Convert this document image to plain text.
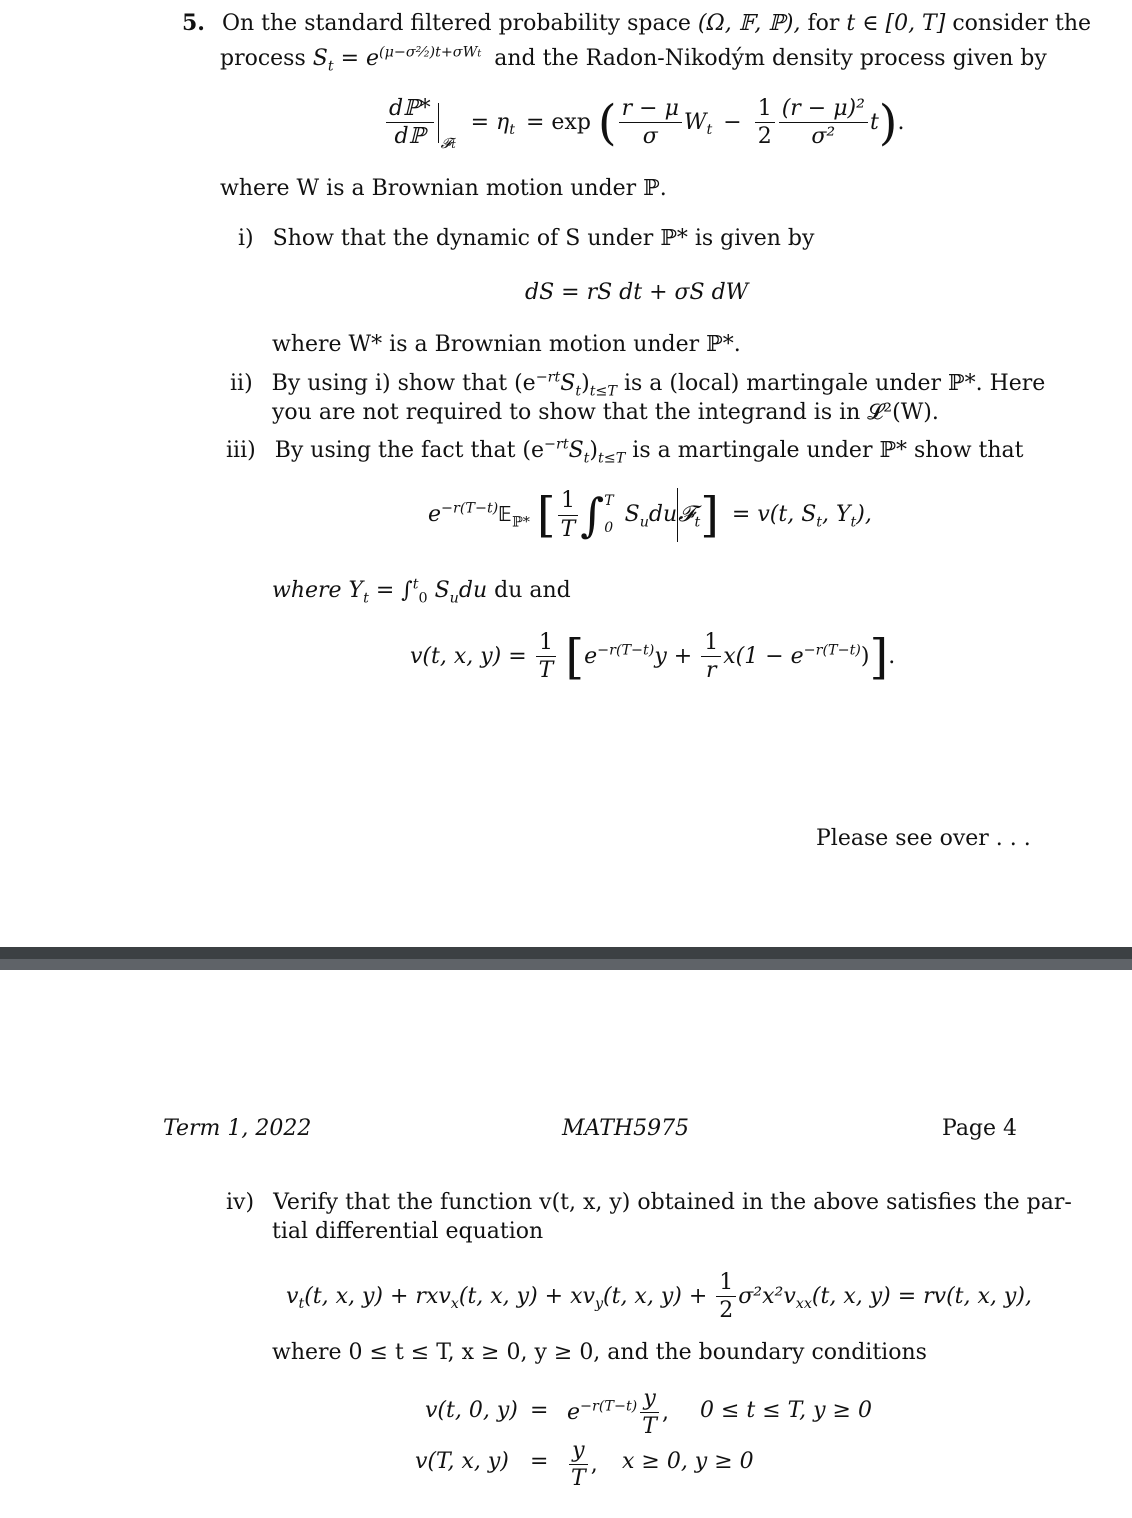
5. On the standard filtered probability space (Ω, 𝔽, ℙ), for t ∈ [0, T] consider the
process $S_t = e^{(\mu-\sigma^2⁄_2)t+\sigma Wt}$ and the Radon-Nikodým density process given by
$\frac{\text{dℙ*}}{\text{dℙ}} _{𝓕t} = \eta_t = \exp$ ( $\frac{r - \mu}{\sigma} W_t - \frac{1}{2} \frac{\text{(r − μ)²}}{\text{σ²}} t$).
where W is a Brownian motion under ℙ.
i) Show that the dynamic of S under ℙ* is given by
dS = rS dt + σS dW
where W* is a Brownian motion under ℙ*.
ii) By using i) show that $(e^{-rt}S_t)_{t\le T}$ is a (local) martingale under ℙ*. Here
you are not required to show that the integrand is in 𝓛²(W).
iii) By using the fact that $(e^{-rt}S_t)_{t\le T}$ is a martingale under ℙ* show that
$e^{-r(T-t)}𝔼_{ℙ*}$ [ $\frac{1}{T}$ ∫ T
0
$S_udu𝓕_t] = v(t$, $S_t$, $Y_t$),
where $Y_t = \int^t_0$ $S_udu$ du and
v(t, x, $y) = \frac{1}{T} [e^{-r(T-t)}y + \frac{1}{r} x(1 - e^{-r(T-t)})]$.
Please see over . . .
Term 1, 2022	MATH5975	Page 4
iv) Verify that the function v(t, x, y) obtained in the above satisfies the par-
tial differential equation
$v_t(t$, x, y) + rxv$_x$(t, x, $y) + xv_y(t$, x, $y) + \frac{1}{2} \sigma^2x^2v_{xx}(t$, x, y) = rv(t, x, y),
where 0 ≤ t ≤ T, x ≥ 0, y ≥ 0, and the boundary conditions
v(t, 0, $y) = e^{-r(T-t)} \frac{y}{T}$ , 0 ≤ t ≤ T, y ≥ 0
v(T, x, $y) = \frac{y}{T}$ , x ≥ 0, y ≥ 0
